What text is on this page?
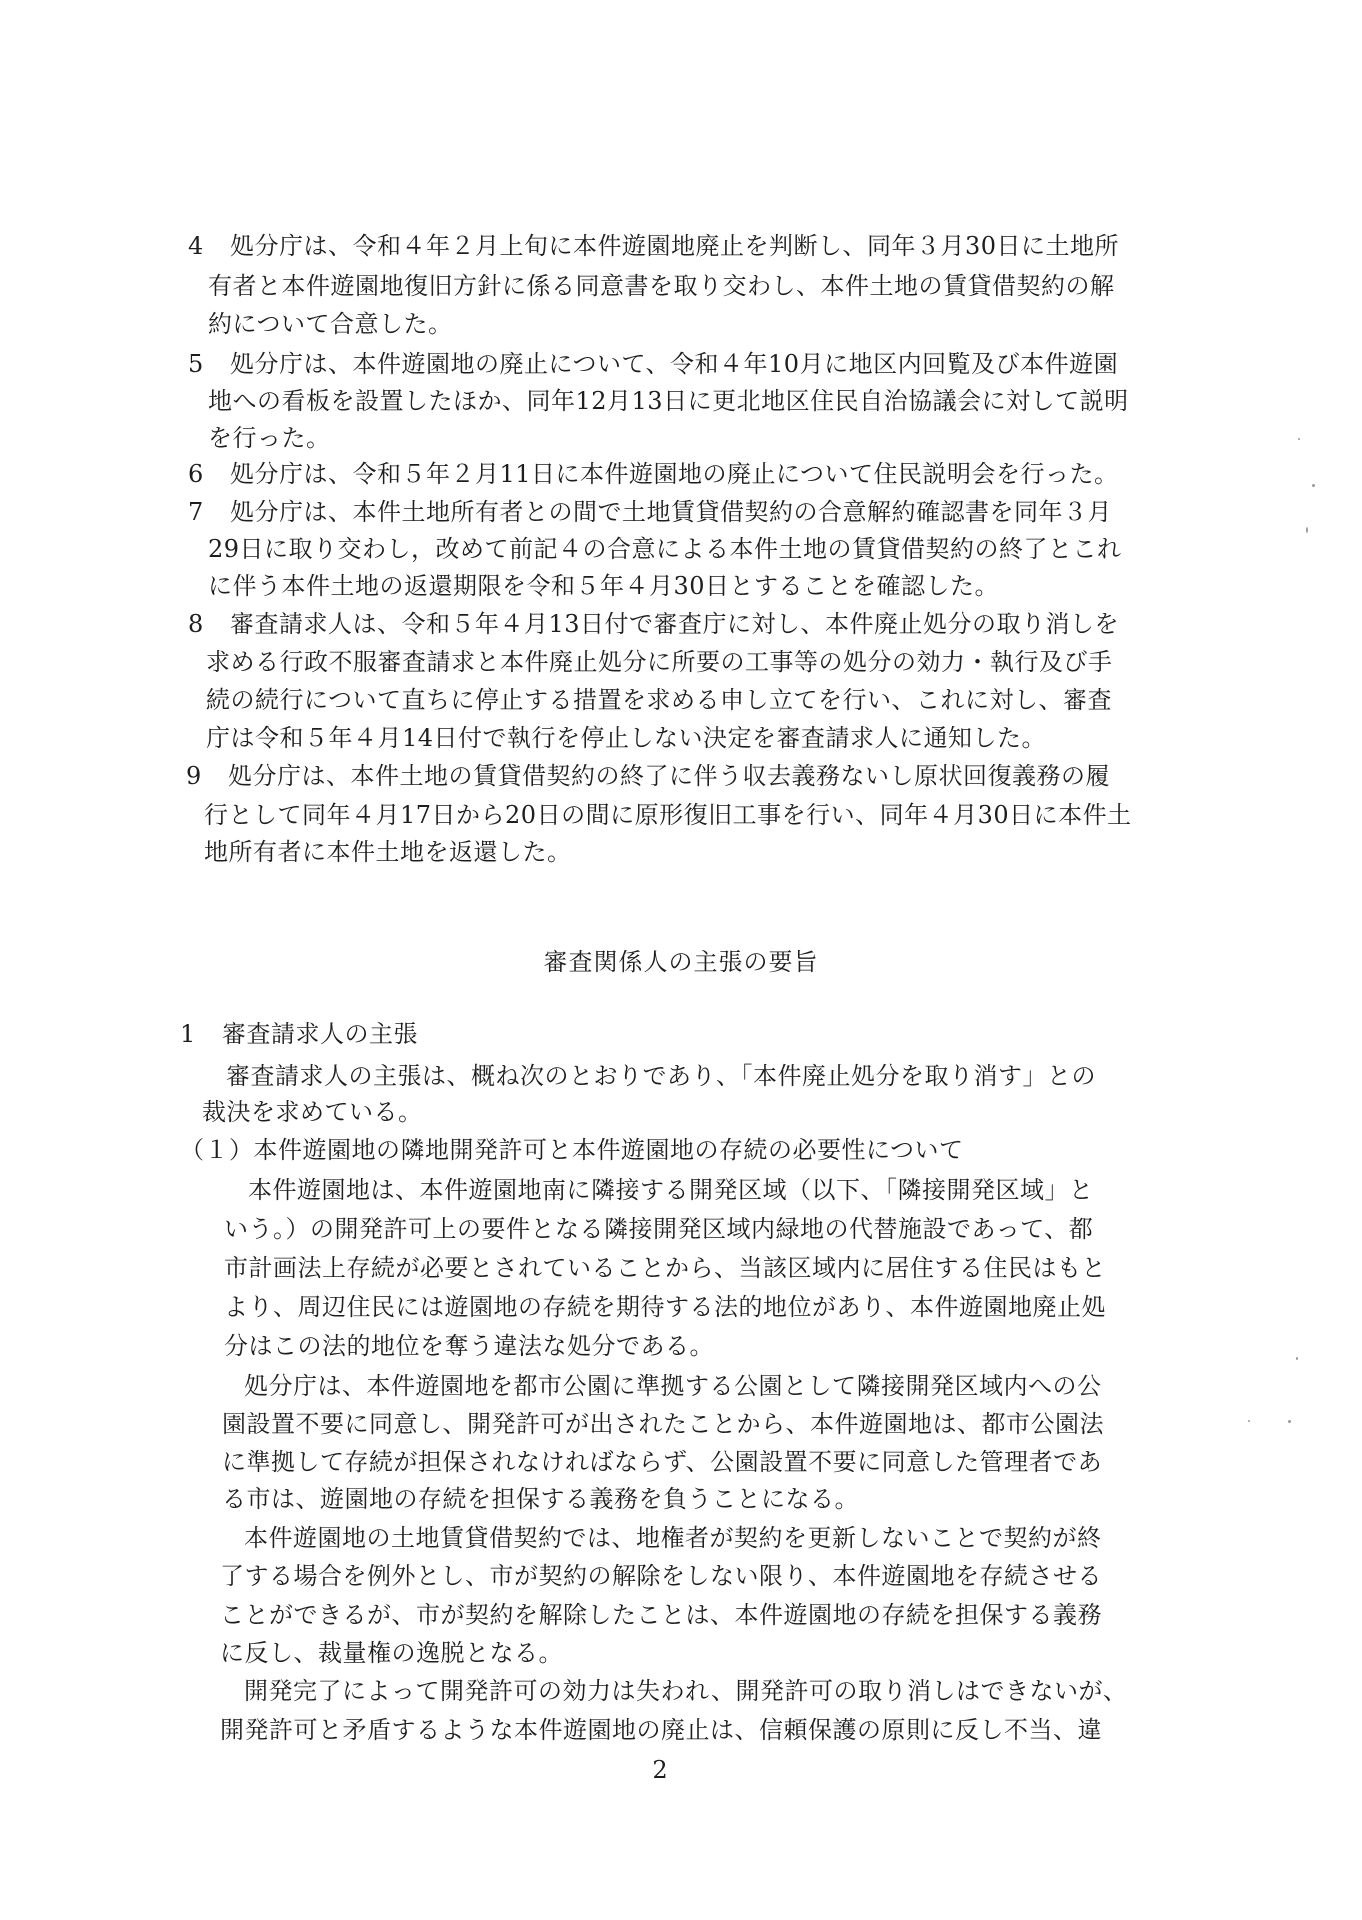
4 処分庁は、令和４年２月上旬に本件遊園地廃止を判断し、同年３月30日に土地所
有者と本件遊園地復旧方針に係る同意書を取り交わし、本件土地の賃貸借契約の解
約について合意した。
5 処分庁は、本件遊園地の廃止について、令和４年10月に地区内回覧及び本件遊園
地への看板を設置したほか、同年12月13日に更北地区住民自治協議会に対して説明
を行った。
6 処分庁は、令和５年２月11日に本件遊園地の廃止について住民説明会を行った。
7 処分庁は、本件土地所有者との間で土地賃貸借契約の合意解約確認書を同年３月
29日に取り交わし，改めて前記４の合意による本件土地の賃貸借契約の終了とこれ
に伴う本件土地の返還期限を令和５年４月30日とすることを確認した。
8 審査請求人は、令和５年４月13日付で審査庁に対し、本件廃止処分の取り消しを
求める行政不服審査請求と本件廃止処分に所要の工事等の処分の効力・執行及び手
続の続行について直ちに停止する措置を求める申し立てを行い、これに対し、審査
庁は令和５年４月14日付で執行を停止しない決定を審査請求人に通知した。
9 処分庁は、本件土地の賃貸借契約の終了に伴う収去義務ないし原状回復義務の履
行として同年４月17日から20日の間に原形復旧工事を行い、同年４月30日に本件土
地所有者に本件土地を返還した。
審査関係人の主張の要旨
1 審査請求人の主張
審査請求人の主張は、概ね次のとおりであり、「本件廃止処分を取り消す」との
裁決を求めている。
（１）本件遊園地の隣地開発許可と本件遊園地の存続の必要性について
本件遊園地は、本件遊園地南に隣接する開発区域（以下、「隣接開発区域」と
いう。）の開発許可上の要件となる隣接開発区域内緑地の代替施設であって、都
市計画法上存続が必要とされていることから、当該区域内に居住する住民はもと
より、周辺住民には遊園地の存続を期待する法的地位があり、本件遊園地廃止処
分はこの法的地位を奪う違法な処分である。
処分庁は、本件遊園地を都市公園に準拠する公園として隣接開発区域内への公
園設置不要に同意し、開発許可が出されたことから、本件遊園地は、都市公園法
に準拠して存続が担保されなければならず、公園設置不要に同意した管理者であ
る市は、遊園地の存続を担保する義務を負うことになる。
本件遊園地の土地賃貸借契約では、地権者が契約を更新しないことで契約が終
了する場合を例外とし、市が契約の解除をしない限り、本件遊園地を存続させる
ことができるが、市が契約を解除したことは、本件遊園地の存続を担保する義務
に反し、裁量権の逸脱となる。
開発完了によって開発許可の効力は失われ、開発許可の取り消しはできないが、
開発許可と矛盾するような本件遊園地の廃止は、信頼保護の原則に反し不当、違
2
